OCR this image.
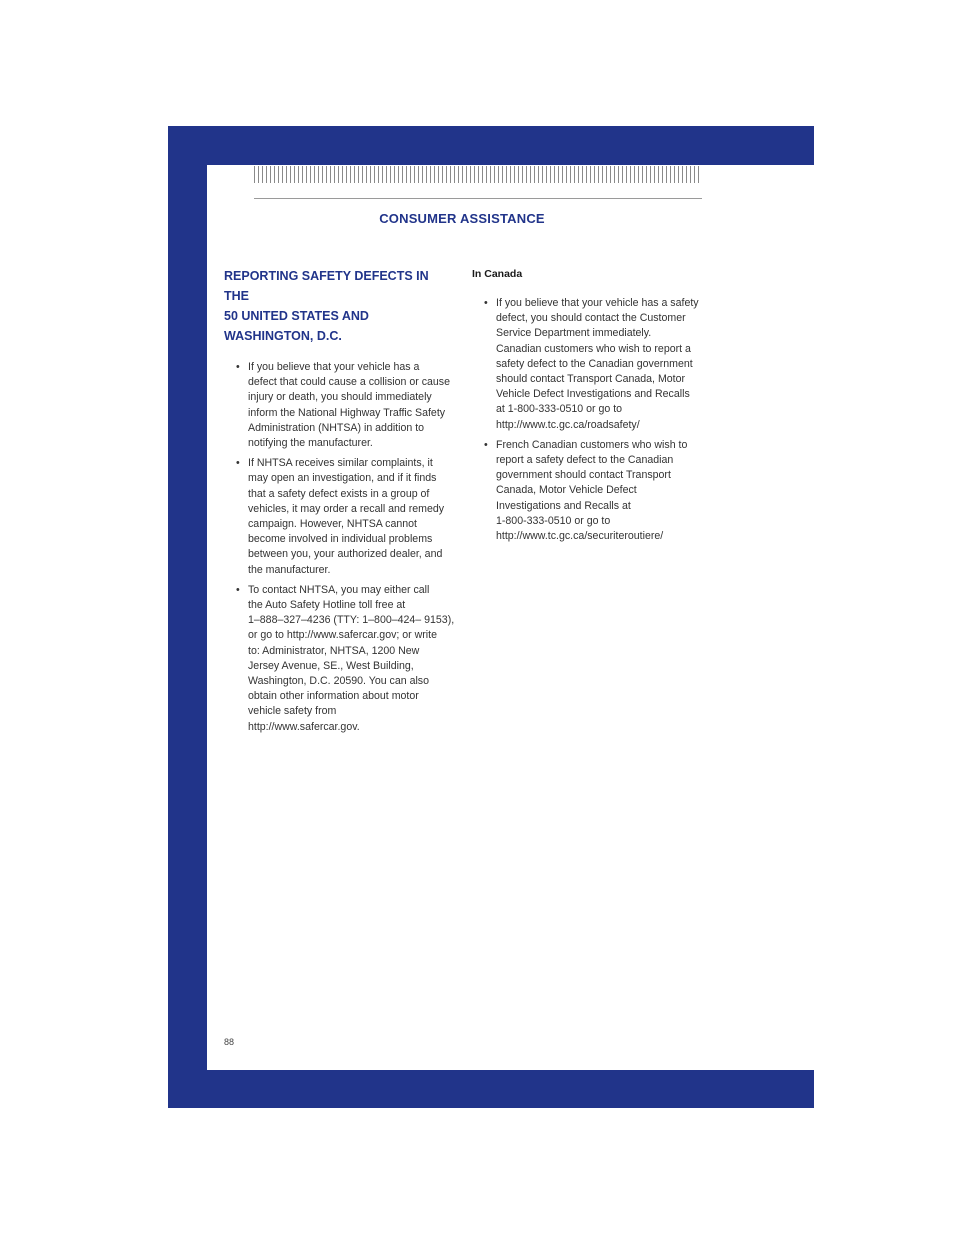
CONSUMER ASSISTANCE
REPORTING SAFETY DEFECTS IN THE
50 UNITED STATES AND
WASHINGTON, D.C.
• If you believe that your vehicle has a
defect that could cause a collision or cause
injury or death, you should immediately
inform the National Highway Traffic Safety
Administration (NHTSA) in addition to
notifying the manufacturer.
• If NHTSA receives similar complaints, it
may open an investigation, and if it finds
that a safety defect exists in a group of
vehicles, it may order a recall and remedy
campaign. However, NHTSA cannot
become involved in individual problems
between you, your authorized dealer, and
the manufacturer.
• To contact NHTSA, you may either call
the Auto Safety Hotline toll free at
1–888–327–4236 (TTY: 1–800–424– 9153),
or go to http://www.safercar.gov; or write
to: Administrator, NHTSA, 1200 New
Jersey Avenue, SE., West Building,
Washington, D.C. 20590. You can also
obtain other information about motor
vehicle safety from
http://www.safercar.gov.
In Canada
• If you believe that your vehicle has a safety
defect, you should contact the Customer
Service Department immediately.
Canadian customers who wish to report a
safety defect to the Canadian government
should contact Transport Canada, Motor
Vehicle Defect Investigations and Recalls
at 1-800-333-0510 or go to
http://www.tc.gc.ca/roadsafety/
• French Canadian customers who wish to
report a safety defect to the Canadian
government should contact Transport
Canada, Motor Vehicle Defect
Investigations and Recalls at
1-800-333-0510 or go to
http://www.tc.gc.ca/securiteroutiere/
88
